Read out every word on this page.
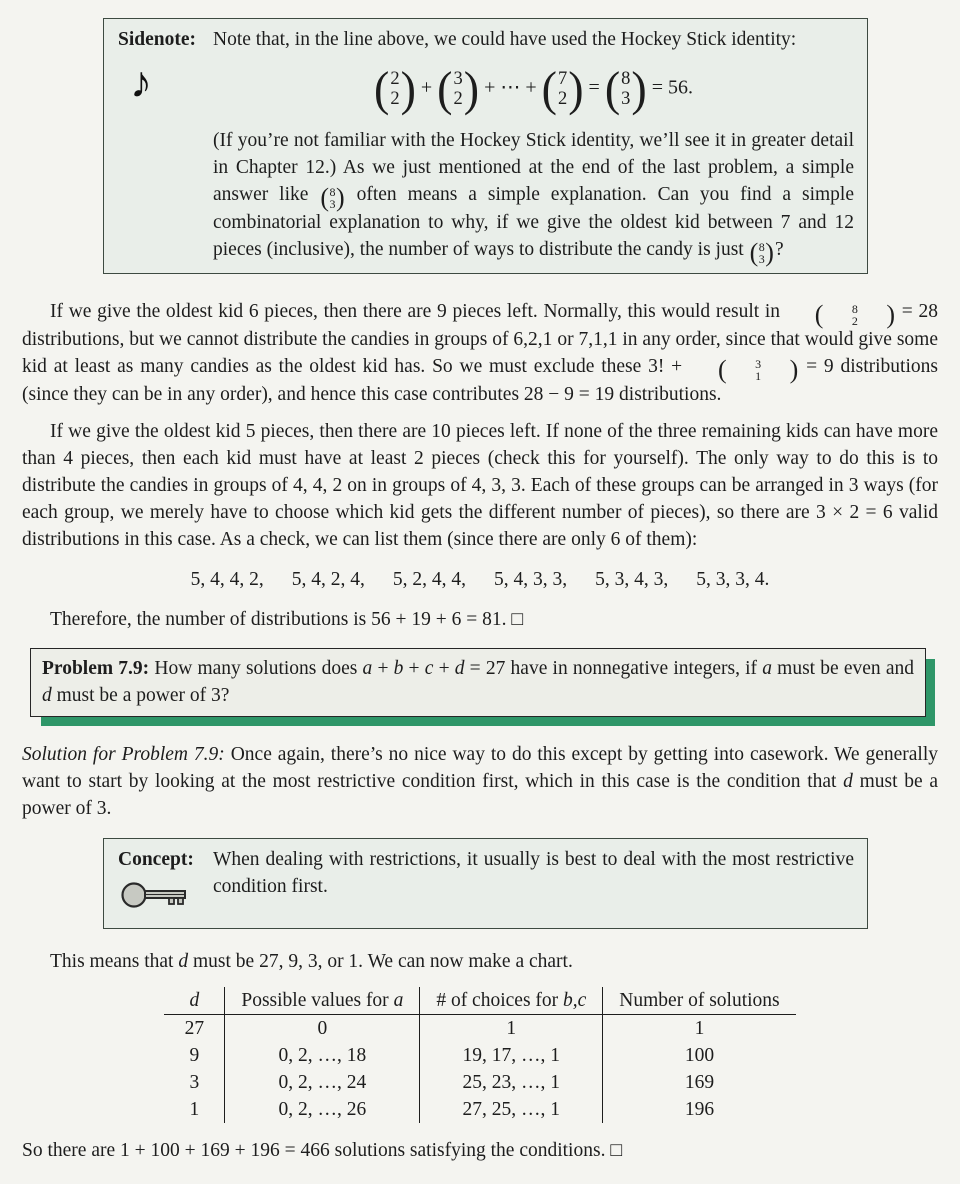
Sidenote:
♪

Note that, in the line above, we could have used the Hockey Stick identity:

( 2
2 ) + ( 3
2 ) + ⋯ + ( 7
2 ) = ( 8
3 ) = 56.

(If you’re not familiar with the Hockey Stick identity, we’ll see it in greater detail in Chapter 12.) As we just mentioned at the end of the last problem, a simple answer like ( 8
3 ) often means a simple explanation. Can you find a simple combinatorial explanation to why, if we give the oldest kid between 7 and 12 pieces (inclusive), the number of ways to distribute the candy is just ( 8
3 ) ?

If we give the oldest kid 6 pieces, then there are 9 pieces left. Normally, this would result in	(	8
2	) = 28 distributions, but we cannot distribute the candies in groups of 6,2,1 or 7,1,1 in any order, since that would give some kid at least as many candies as the oldest kid has. So we must exclude these 3! +	(	3
1	) = 9 distributions (since they can be in any order), and hence this case contributes 28 − 9 = 19 distributions.

If we give the oldest kid 5 pieces, then there are 10 pieces left. If none of the three remaining kids can have more than 4 pieces, then each kid must have at least 2 pieces (check this for yourself). The only way to do this is to distribute the candies in groups of 4, 4, 2 on in groups of 4, 3, 3. Each of these groups can be arranged in 3 ways (for each group, we merely have to choose which kid gets the different number of pieces), so there are 3 × 2 = 6 valid distributions in this case. As a check, we can list them (since there are only 6 of them):

5, 4, 4, 2, 5, 4, 2, 4, 5, 2, 4, 4, 5, 4, 3, 3, 5, 3, 4, 3, 5, 3, 3, 4.

Therefore, the number of distributions is 56 + 19 + 6 = 81. □

Problem 7.9: How many solutions does a + b + c + d = 27 have in nonnegative integers, if a must be even and d must be a power of 3?

Solution for Problem 7.9: Once again, there’s no nice way to do this except by getting into casework. We generally want to start by looking at the most restrictive condition first, which in this case is the condition that d must be a power of 3.

Concept: When dealing with restrictions, it usually is best to deal with the most restrictive condition first.

This means that d must be 27, 9, 3, or 1. We can now make a chart.

d	Possible values for a	# of choices for b,c	Number of solutions
27	0	1	1
9	0, 2, …, 18	19, 17, …, 1	100
3	0, 2, …, 24	25, 23, …, 1	169
1	0, 2, …, 26	27, 25, …, 1	196

So there are 1 + 100 + 169 + 196 = 466 solutions satisfying the conditions. □
